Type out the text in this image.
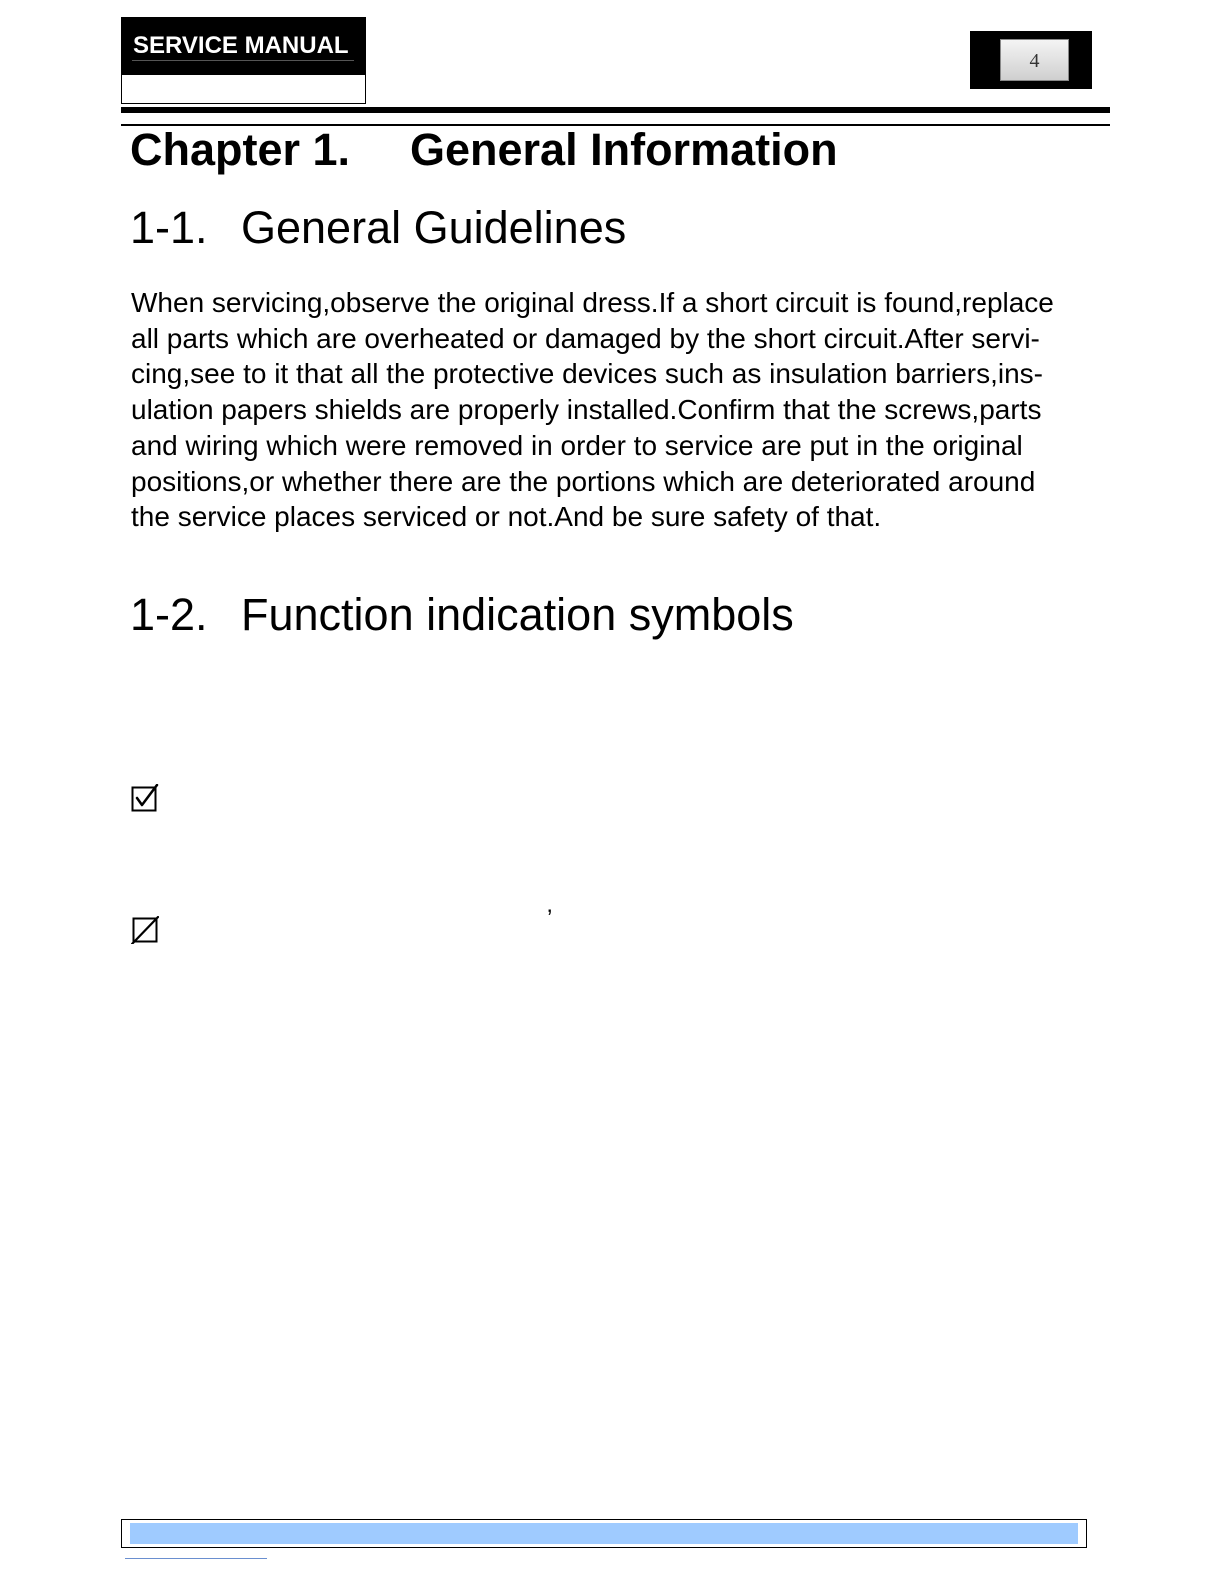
SERVICE MANUAL
4
Chapter 1. General Information
1-1. General Guidelines
When servicing,observe the original dress.If a short circuit is found,replace
all parts which are overheated or damaged by the short circuit.After servi-
cing,see to it that all the protective devices such as insulation barriers,ins-
ulation papers shields are properly installed.Confirm that the screws,parts
and wiring which were removed in order to service are put in the original
positions,or whether there are the portions which are deteriorated around
the service places serviced or not.And be sure safety of that.
1-2. Function indication symbols
’
